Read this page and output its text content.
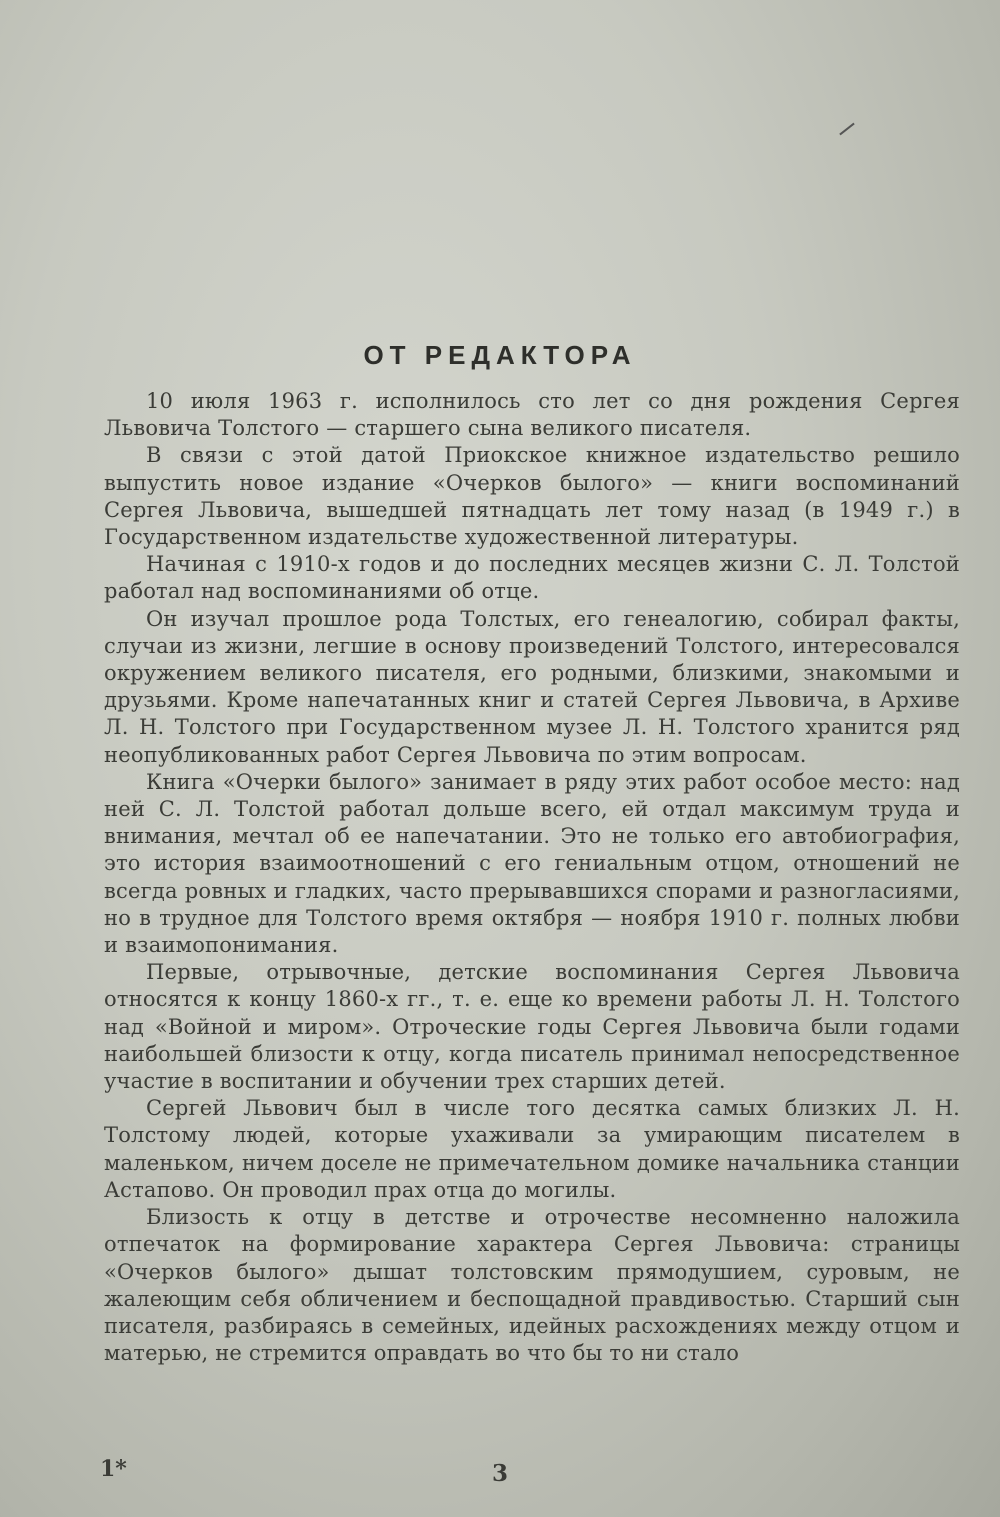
ОТ РЕДАКТОРА

10 июля 1963 г. исполнилось сто лет со дня рождения Сергея Львовича Толстого — старшего сына великого писателя.

В связи с этой датой Приокское книжное издательство решило выпустить новое издание «Очерков былого» — книги воспоминаний Сергея Львовича, вышедшей пятнадцать лет тому назад (в 1949 г.) в Государственном издательстве художественной литературы.

Начиная с 1910-х годов и до последних месяцев жизни С. Л. Толстой работал над воспоминаниями об отце.

Он изучал прошлое рода Толстых, его генеалогию, собирал факты, случаи из жизни, легшие в основу произведений Толстого, интересовался окружением великого писателя, его родными, близкими, знакомыми и друзьями. Кроме напечатанных книг и статей Сергея Львовича, в Архиве Л. Н. Толстого при Государственном музее Л. Н. Толстого хранится ряд неопубликованных работ Сергея Львовича по этим вопросам.

Книга «Очерки былого» занимает в ряду этих работ особое место: над ней С. Л. Толстой работал дольше всего, ей отдал максимум труда и внимания, мечтал об ее напечатании. Это не только его автобиография, это история взаимоотношений с его гениальным отцом, отношений не всегда ровных и гладких, часто прерывавшихся спорами и разногласиями, но в трудное для Толстого время октября — ноября 1910 г. полных любви и взаимопонимания.

Первые, отрывочные, детские воспоминания Сергея Львовича относятся к концу 1860-х гг., т. е. еще ко времени работы Л. Н. Толстого над «Войной и миром». Отроческие годы Сергея Львовича были годами наибольшей близости к отцу, когда писатель принимал непосредственное участие в воспитании и обучении трех старших детей.

Сергей Львович был в числе того десятка самых близких Л. Н. Толстому людей, которые ухаживали за умирающим писателем в маленьком, ничем доселе не примечательном домике начальника станции Астапово. Он проводил прах отца до могилы.

Близость к отцу в детстве и отрочестве несомненно наложила отпечаток на формирование характера Сергея Львовича: страницы «Очерков былого» дышат толстовским прямодушием, суровым, не жалеющим себя обличением и беспощадной правдивостью. Старший сын писателя, разбираясь в семейных, идейных расхождениях между отцом и матерью, не стремится оправдать во что бы то ни стало

1*	3
